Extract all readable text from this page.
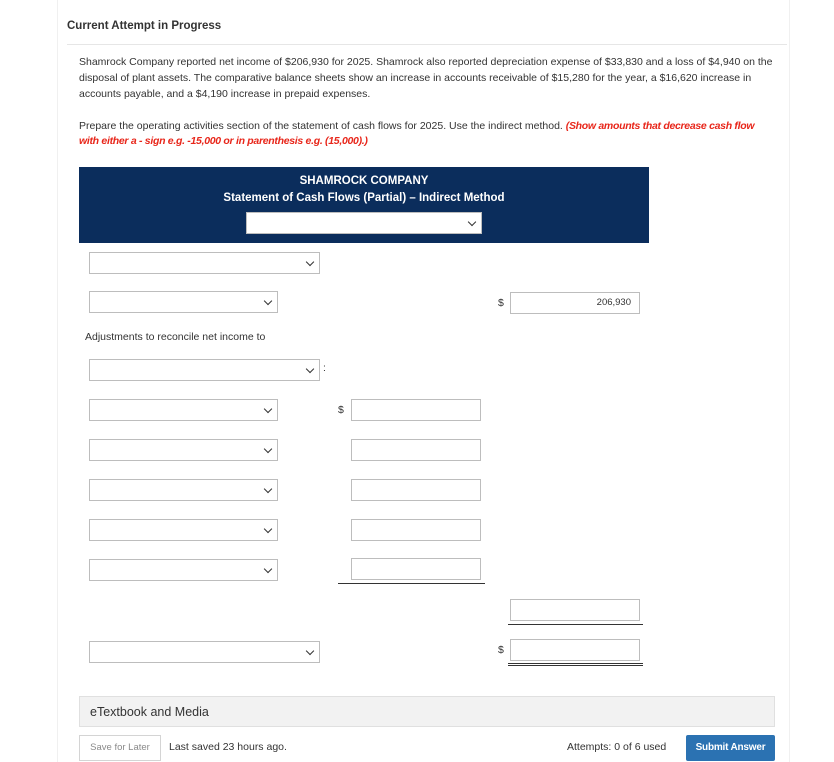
Current Attempt in Progress
Shamrock Company reported net income of $206,930 for 2025. Shamrock also reported depreciation expense of $33,830 and a loss of $4,940 on the disposal of plant assets. The comparative balance sheets show an increase in accounts receivable of $15,280 for the year, a $16,620 increase in accounts payable, and a $4,190 increase in prepaid expenses.
Prepare the operating activities section of the statement of cash flows for 2025. Use the indirect method. (Show amounts that decrease cash flow with either a - sign e.g. -15,000 or in parenthesis e.g. (15,000).)
SHAMROCK COMPANY
Statement of Cash Flows (Partial) – Indirect Method
$	206,930
Adjustments to reconcile net income to
:
$
$
eTextbook and Media
Save for Later	Last saved 23 hours ago.	Attempts: 0 of 6 used	Submit Answer
